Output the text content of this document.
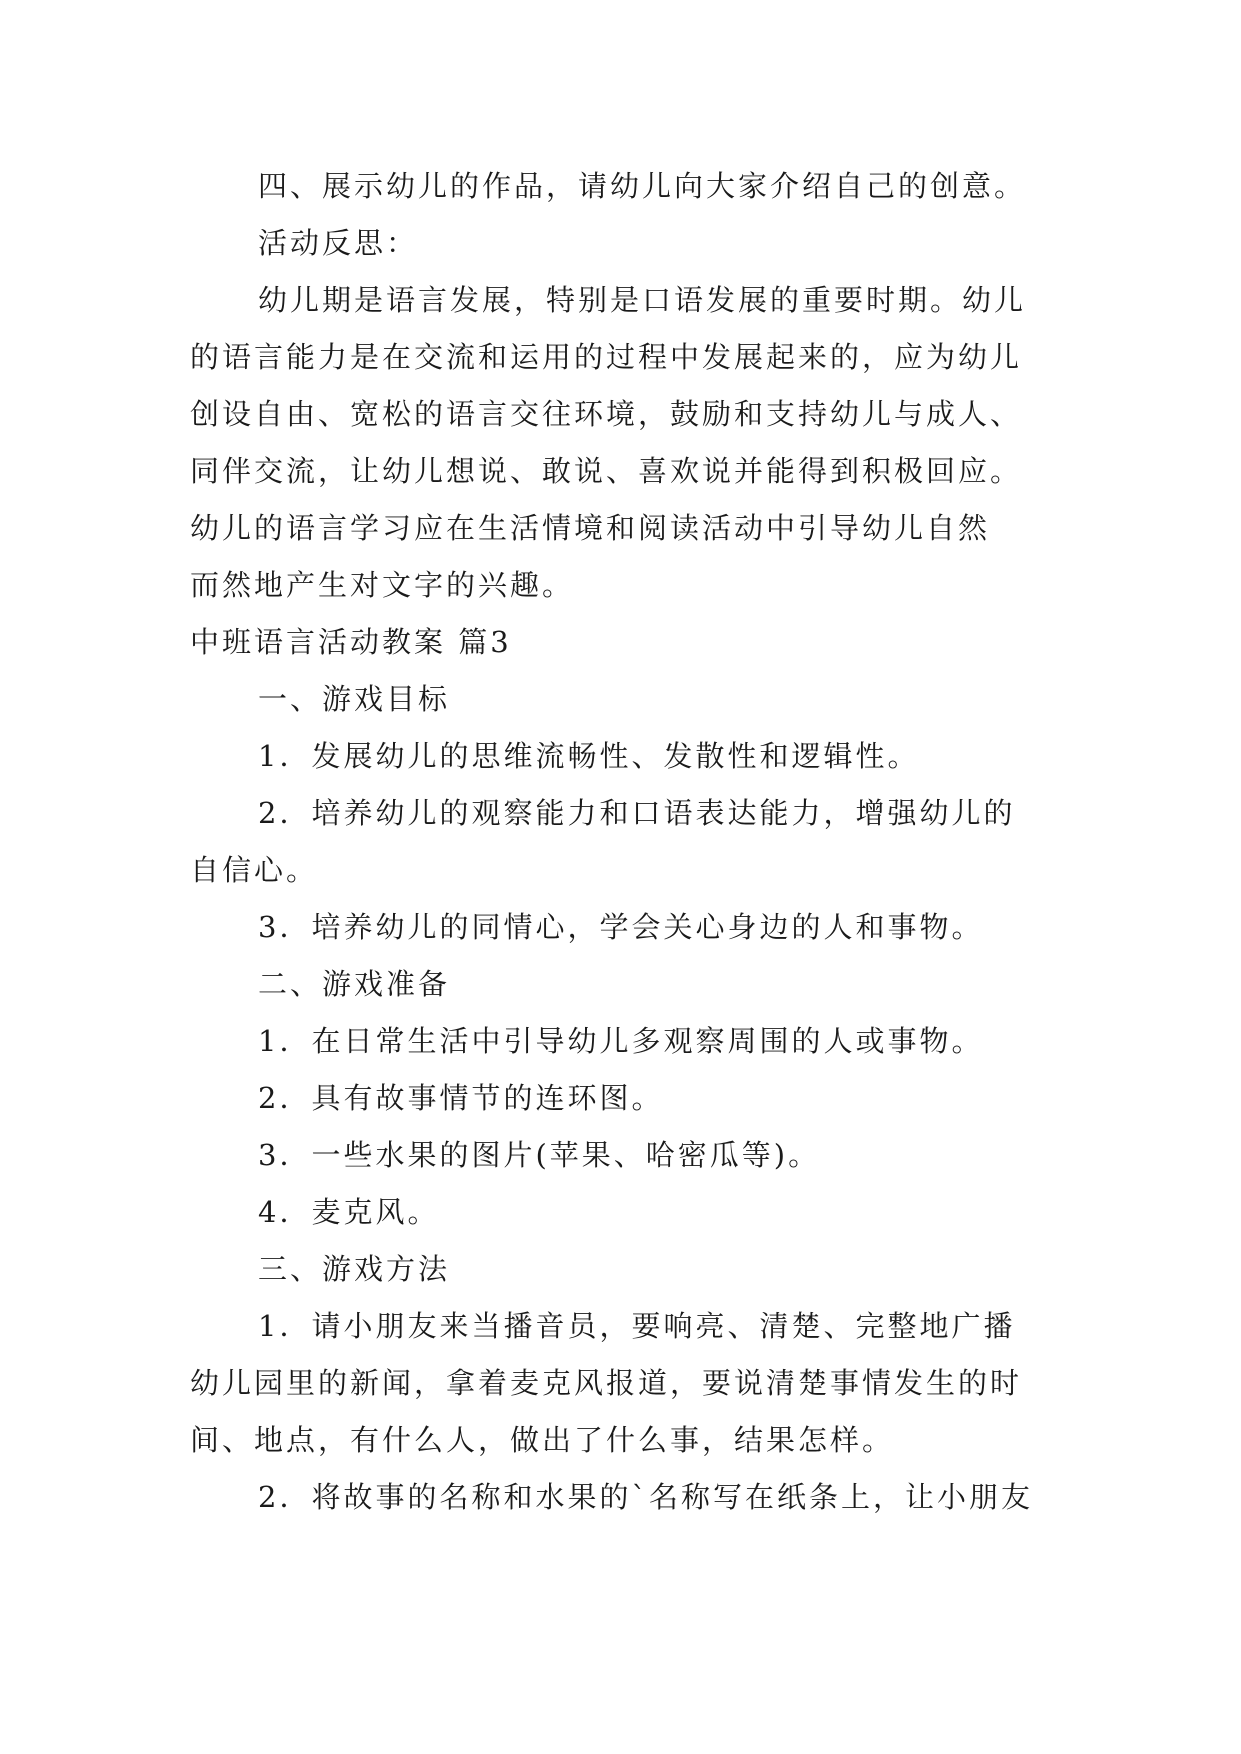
四、展示幼儿的作品，请幼儿向大家介绍自己的创意。
活动反思：
幼儿期是语言发展，特别是口语发展的重要时期。幼儿
的语言能力是在交流和运用的过程中发展起来的，应为幼儿
创设自由、宽松的语言交往环境，鼓励和支持幼儿与成人、
同伴交流，让幼儿想说、敢说、喜欢说并能得到积极回应。
幼儿的语言学习应在生活情境和阅读活动中引导幼儿自然
而然地产生对文字的兴趣。
中班语言活动教案 篇3
一、游戏目标
1．发展幼儿的思维流畅性、发散性和逻辑性。
2．培养幼儿的观察能力和口语表达能力，增强幼儿的
自信心。
3．培养幼儿的同情心，学会关心身边的人和事物。
二、游戏准备
1．在日常生活中引导幼儿多观察周围的人或事物。
2．具有故事情节的连环图。
3．一些水果的图片(苹果、哈密瓜等)。
4．麦克风。
三、游戏方法
1．请小朋友来当播音员，要响亮、清楚、完整地广播
幼儿园里的新闻，拿着麦克风报道，要说清楚事情发生的时
间、地点，有什么人，做出了什么事，结果怎样。
2．将故事的名称和水果的`名称写在纸条上，让小朋友
